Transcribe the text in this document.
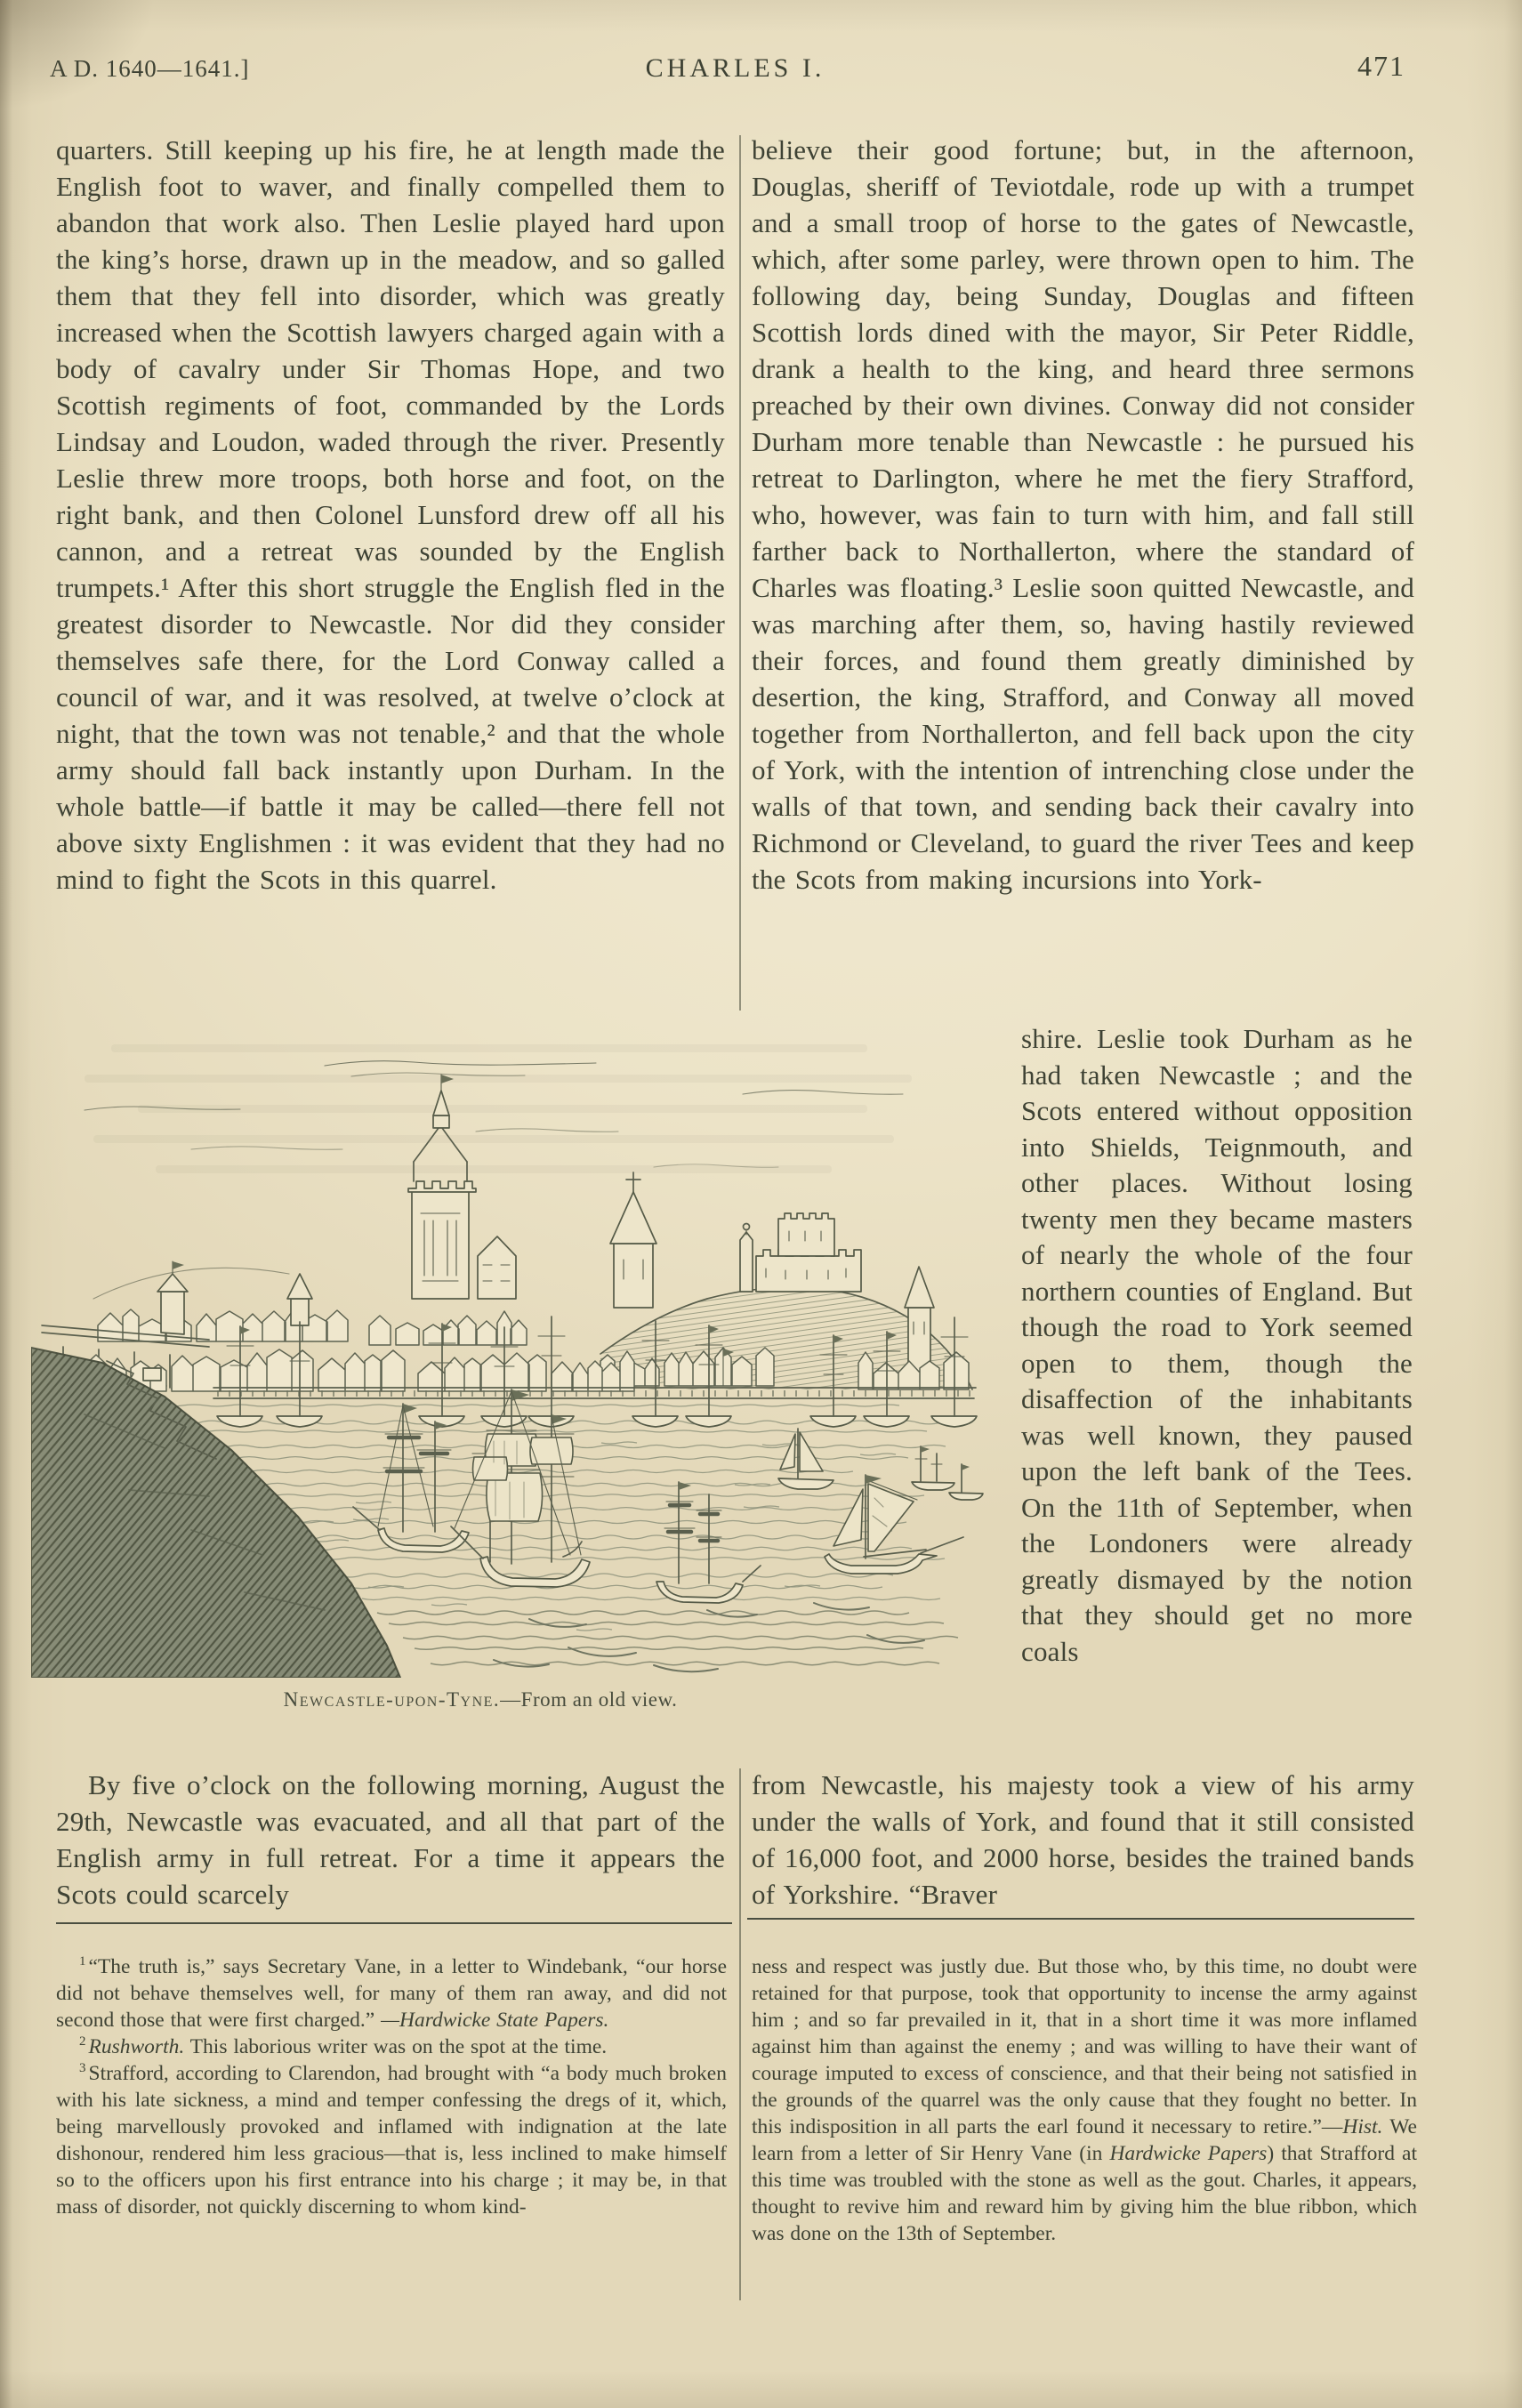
A D. 1640—1641.]	CHARLES I.	471

quarters. Still keeping up his fire, he at length made the English foot to waver, and finally compelled them to abandon that work also. Then Leslie played hard upon the king’s horse, drawn up in the meadow, and so galled them that they fell into disorder, which was greatly increased when the Scottish lawyers charged again with a body of cavalry under Sir Thomas Hope, and two Scottish regiments of foot, commanded by the Lords Lindsay and Loudon, waded through the river. Presently Leslie threw more troops, both horse and foot, on the right bank, and then Colonel Lunsford drew off all his cannon, and a retreat was sounded by the English trumpets.¹ After this short struggle the English fled in the greatest disorder to Newcastle. Nor did they consider themselves safe there, for the Lord Conway called a council of war, and it was resolved, at twelve o’clock at night, that the town was not tenable,² and that the whole army should fall back instantly upon Durham. In the whole battle—if battle it may be called—there fell not above sixty Englishmen : it was evident that they had no mind to fight the Scots in this quarrel.

believe their good fortune; but, in the afternoon, Douglas, sheriff of Teviotdale, rode up with a trumpet and a small troop of horse to the gates of Newcastle, which, after some parley, were thrown open to him. The following day, being Sunday, Douglas and fifteen Scottish lords dined with the mayor, Sir Peter Riddle, drank a health to the king, and heard three sermons preached by their own divines. Conway did not consider Durham more tenable than Newcastle : he pursued his retreat to Darlington, where he met the fiery Strafford, who, however, was fain to turn with him, and fall still farther back to Northallerton, where the standard of Charles was floating.³ Leslie soon quitted Newcastle, and was marching after them, so, having hastily reviewed their forces, and found them greatly diminished by desertion, the king, Strafford, and Conway all moved together from Northallerton, and fell back upon the city of York, with the intention of intrenching close under the walls of that town, and sending back their cavalry into Richmond or Cleveland, to guard the river Tees and keep the Scots from making incursions into York-

shire. Leslie took Durham as he had taken Newcastle ; and the Scots entered without opposition into Shields, Teignmouth, and other places. Without losing twenty men they became masters of nearly the whole of the four northern counties of England. But though the road to York seemed open to them, though the disaffection of the inhabitants was well known, they paused upon the left bank of the Tees. On the 11th of September, when the Londoners were already greatly dismayed by the notion that they should get no more coals

Newcastle-upon-Tyne.—From an old view.

By five o’clock on the following morning, August the 29th, Newcastle was evacuated, and all that part of the English army in full retreat. For a time it appears the Scots could scarcely

from Newcastle, his majesty took a view of his army under the walls of York, and found that it still consisted of 16,000 foot, and 2000 horse, besides the trained bands of Yorkshire. “Braver

$^1$ “The truth is,” says Secretary Vane, in a letter to Windebank, “our horse did not behave themselves well, for many of them ran away, and did not second those that were first charged.” —Hardwicke State Papers.

$^2$ Rushworth. This laborious writer was on the spot at the time.

$^3$ Strafford, according to Clarendon, had brought with “a body much broken with his late sickness, a mind and temper confessing the dregs of it, which, being marvellously provoked and inflamed with indignation at the late dishonour, rendered him less gracious—that is, less inclined to make himself so to the officers upon his first entrance into his charge ; it may be, in that mass of disorder, not quickly discerning to whom kind-

ness and respect was justly due. But those who, by this time, no doubt were retained for that purpose, took that opportunity to incense the army against him ; and so far prevailed in it, that in a short time it was more inflamed against him than against the enemy ; and was willing to have their want of courage imputed to excess of conscience, and that their being not satisfied in the grounds of the quarrel was the only cause that they fought no better. In this indisposition in all parts the earl found it necessary to retire.”—Hist. We learn from a letter of Sir Henry Vane (in Hardwicke Papers) that Strafford at this time was troubled with the stone as well as the gout. Charles, it appears, thought to revive him and reward him by giving him the blue ribbon, which was done on the 13th of September.
